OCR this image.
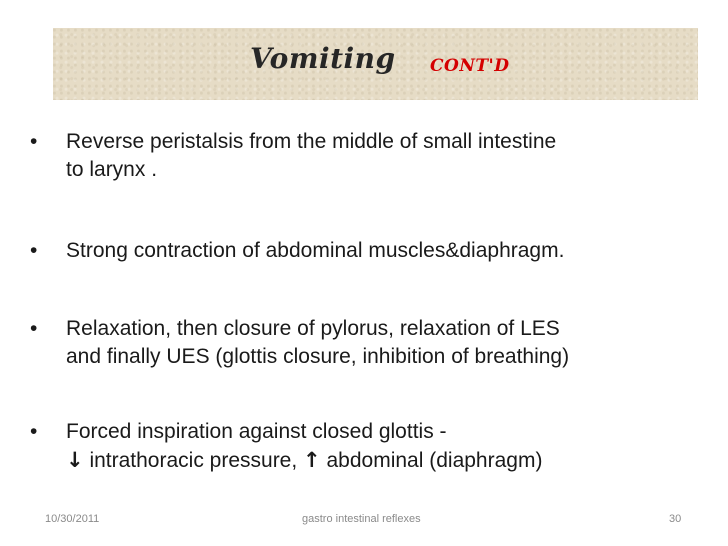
Vomiting CONT'D
• Reverse peristalsis from the middle of small intestine
to larynx .
• Strong contraction of abdominal muscles&diaphragm.
• Relaxation, then closure of pylorus, relaxation of LES
and finally UES (glottis closure, inhibition of breathing)
• Forced inspiration against closed glottis -
↓ intrathoracic pressure, ↑ abdominal (diaphragm)
10/30/2011	gastro intestinal reflexes	30
